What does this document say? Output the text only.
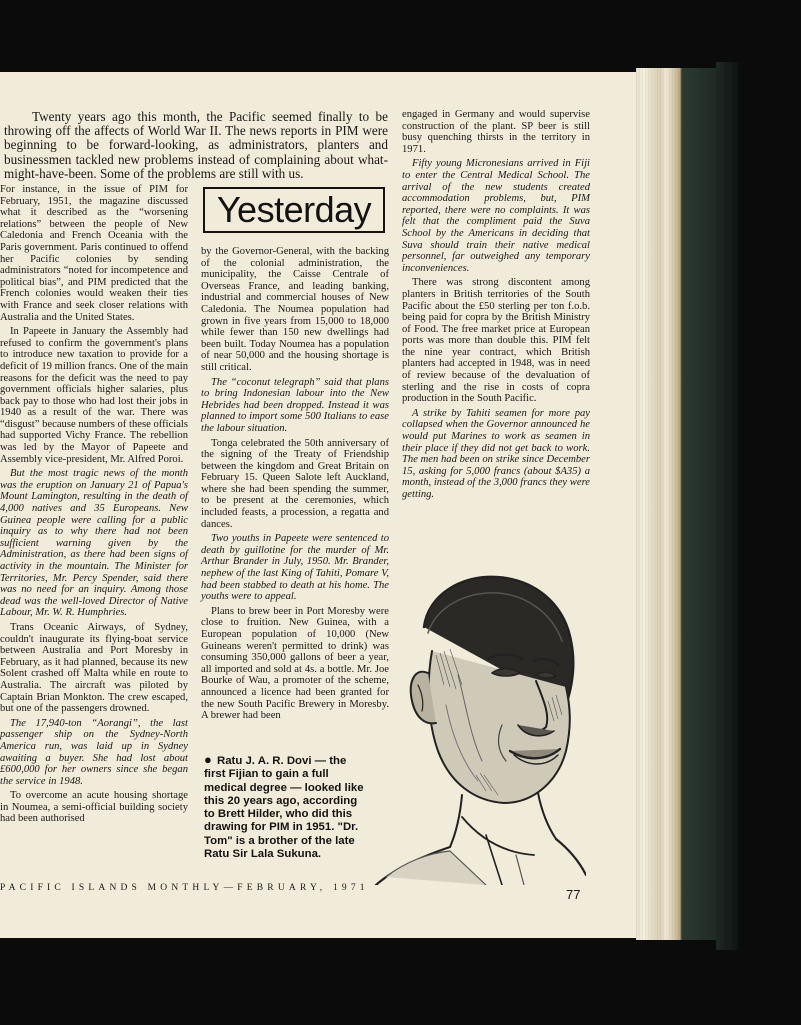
Twenty years ago this month, the Pacific seemed finally to be throwing off the affects of World War II. The news reports in PIM were beginning to be forward-looking, as administrators, planters and businessmen tackled new problems instead of complaining about what-might-have-been. Some of the problems are still with us.

For instance, in the issue of PIM for February, 1951, the magazine discussed what it described as the “worsening relations” between the people of New Caledonia and French Oceania with the Paris government. Paris continued to offend her Pacific colonies by sending administrators “noted for incompetence and political bias”, and PIM predicted that the French colonies would weaken their ties with France and seek closer relations with Australia and the United States.

In Papeete in January the Assembly had refused to confirm the government's plans to introduce new taxation to provide for a deficit of 19 million francs. One of the main reasons for the deficit was the need to pay government officials higher salaries, plus back pay to those who had lost their jobs in 1940 as a result of the war. There was “disgust” because numbers of these officials had supported Vichy France. The rebellion was led by the Mayor of Papeete and Assembly vice-president, Mr. Alfred Poroi.

But the most tragic news of the month was the eruption on January 21 of Papua's Mount Lamington, resulting in the death of 4,000 natives and 35 Europeans. New Guinea people were calling for a public inquiry as to why there had not been sufficient warning given by the Administration, as there had been signs of activity in the mountain. The Minister for Territories, Mr. Percy Spender, said there was no need for an inquiry. Among those dead was the well-loved Director of Native Labour, Mr. W. R. Humphries.

Trans Oceanic Airways, of Sydney, couldn't inaugurate its flying-boat service between Australia and Port Moresby in February, as it had planned, because its new Solent crashed off Malta while en route to Australia. The aircraft was piloted by Captain Brian Monkton. The crew escaped, but one of the passengers drowned.

The 17,940-ton “Aorangi”, the last passenger ship on the Sydney-North America run, was laid up in Sydney awaiting a buyer. She had lost about £600,000 for her owners since she began the service in 1948.

To overcome an acute housing shortage in Noumea, a semi-official building society had been authorised

Yesterday

by the Governor-General, with the backing of the colonial administration, the municipality, the Caisse Centrale of Overseas France, and leading banking, industrial and commercial houses of New Caledonia. The Noumea population had grown in five years from 15,000 to 18,000 while fewer than 150 new dwellings had been built. Today Noumea has a population of near 50,000 and the housing shortage is still critical.

The “coconut telegraph” said that plans to bring Indonesian labour into the New Hebrides had been dropped. Instead it was planned to import some 500 Italians to ease the labour situation.

Tonga celebrated the 50th anniversary of the signing of the Treaty of Friendship between the kingdom and Great Britain on February 15. Queen Salote left Auckland, where she had been spending the summer, to be present at the ceremonies, which included feasts, a procession, a regatta and dances.

Two youths in Papeete were sentenced to death by guillotine for the murder of Mr. Arthur Brander in July, 1950. Mr. Brander, nephew of the last King of Tahiti, Pomare V, had been stabbed to death at his home. The youths were to appeal.

Plans to brew beer in Port Moresby were close to fruition. New Guinea, with a European population of 10,000 (New Guineans weren't permitted to drink) was consuming 350,000 gallons of beer a year, all imported and sold at 4s. a bottle. Mr. Joe Bourke of Wau, a promoter of the scheme, announced a licence had been granted for the new South Pacific Brewery in Moresby. A brewer had been

engaged in Germany and would supervise construction of the plant. SP beer is still busy quenching thirsts in the territory in 1971.

Fifty young Micronesians arrived in Fiji to enter the Central Medical School. The arrival of the new students created accommodation problems, but, PIM reported, there were no complaints. It was felt that the compliment paid the Suva School by the Americans in deciding that Suva should train their native medical personnel, far outweighed any temporary inconveniences.

There was strong discontent among planters in British territories of the South Pacific about the £50 sterling per ton f.o.b. being paid for copra by the British Ministry of Food. The free market price at European ports was more than double this. PIM felt the nine year contract, which British planters had accepted in 1948, was in need of review because of the devaluation of sterling and the rise in costs of copra production in the South Pacific.

A strike by Tahiti seamen for more pay collapsed when the Governor announced he would put Marines to work as seamen in their place if they did not get back to work. The men had been on strike since December 15, asking for 5,000 francs (about $A35) a month, instead of the 3,000 francs they were getting.

● Ratu J. A. R. Dovi — the first Fijian to gain a full medical degree — looked like this 20 years ago, according to Brett Hilder, who did this drawing for PIM in 1951. "Dr. Tom" is a brother of the late Ratu Sir Lala Sukuna.
PACIFIC ISLANDS MONTHLY—FEBRUARY, 1971	77
